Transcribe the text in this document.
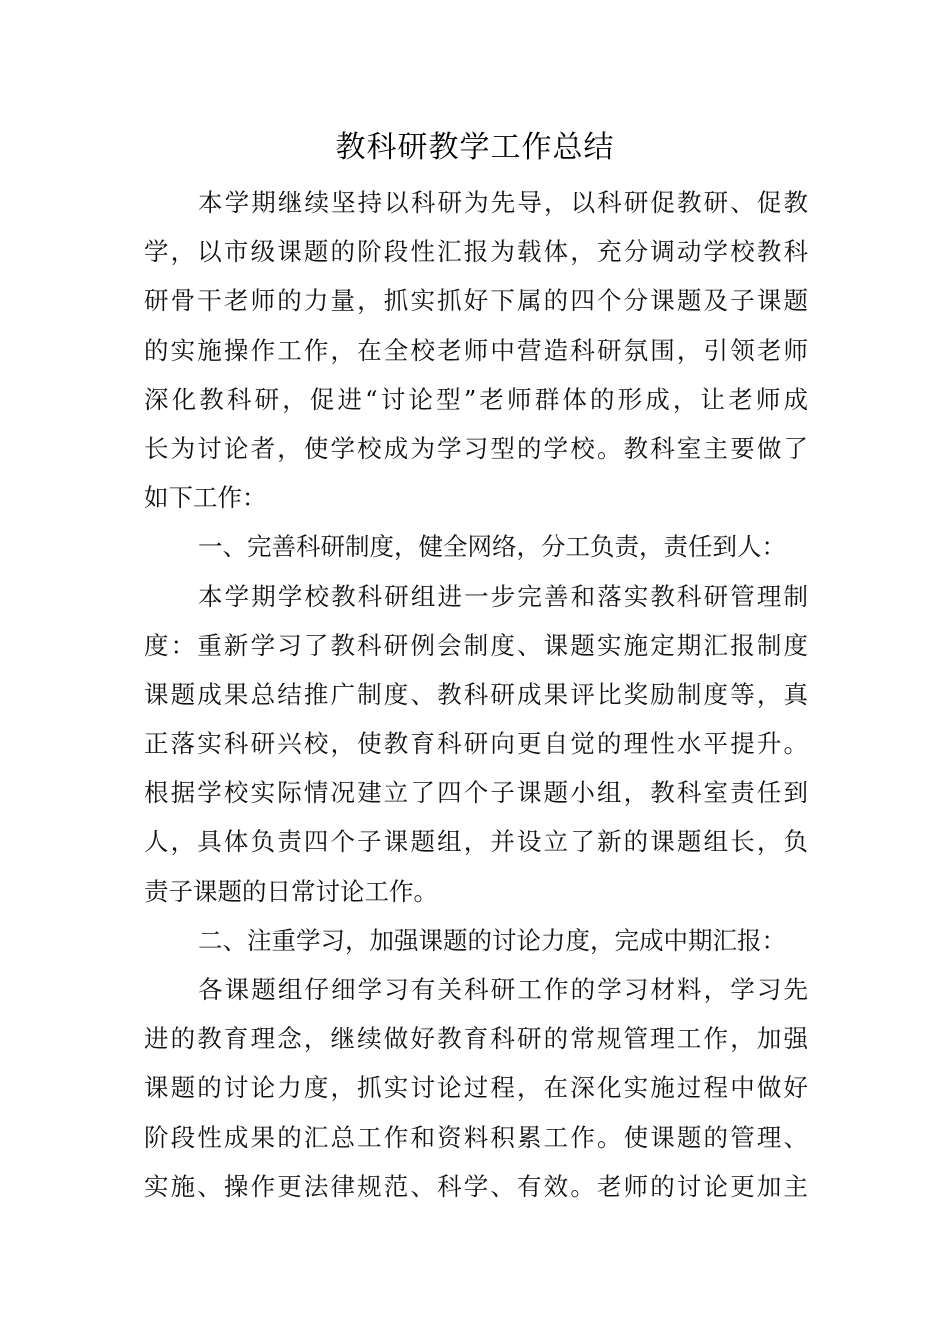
教科研教学工作总结
本学期继续坚持以科研为先导，以科研促教研、促教
学，以市级课题的阶段性汇报为载体，充分调动学校教科
研骨干老师的力量，抓实抓好下属的四个分课题及子课题
的实施操作工作，在全校老师中营造科研氛围，引领老师
深化教科研，促进“讨论型”老师群体的形成，让老师成
长为讨论者，使学校成为学习型的学校。教科室主要做了
如下工作：
一、完善科研制度，健全网络，分工负责，责任到人：
本学期学校教科研组进一步完善和落实教科研管理制
度：重新学习了教科研例会制度、课题实施定期汇报制度
课题成果总结推广制度、教科研成果评比奖励制度等，真
正落实科研兴校，使教育科研向更自觉的理性水平提升。
根据学校实际情况建立了四个子课题小组，教科室责任到
人，具体负责四个子课题组，并设立了新的课题组长，负
责子课题的日常讨论工作。
二、注重学习，加强课题的讨论力度，完成中期汇报：
各课题组仔细学习有关科研工作的学习材料，学习先
进的教育理念，继续做好教育科研的常规管理工作，加强
课题的讨论力度，抓实讨论过程，在深化实施过程中做好
阶段性成果的汇总工作和资料积累工作。使课题的管理、
实施、操作更法律规范、科学、有效。老师的讨论更加主
